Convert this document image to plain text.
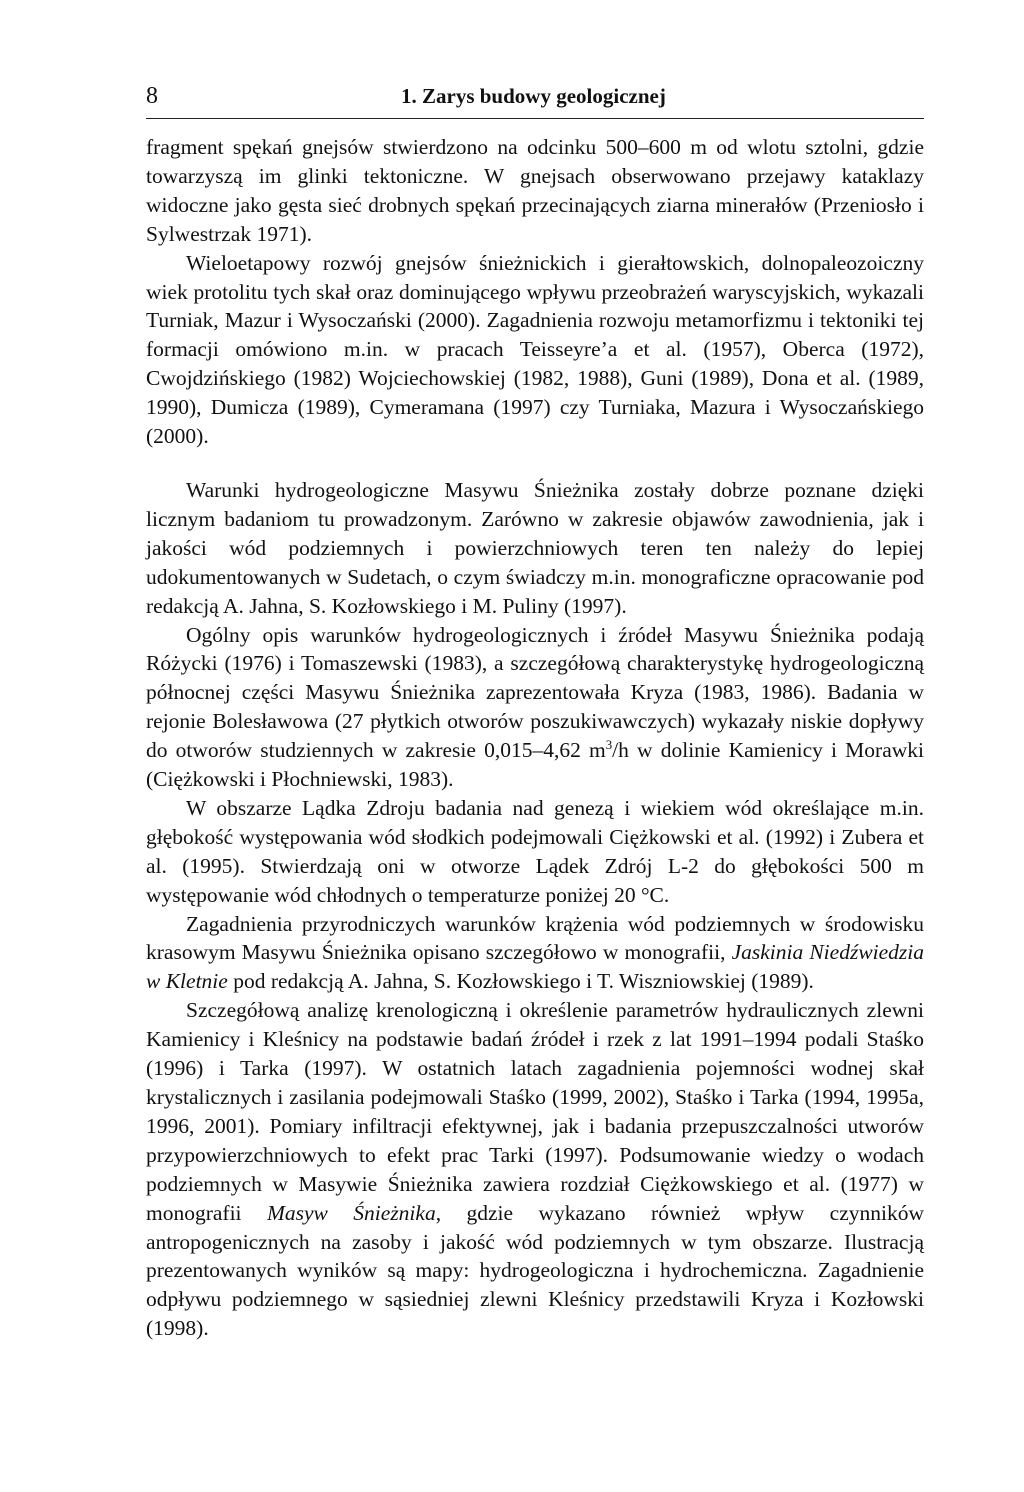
8	1. Zarys budowy geologicznej

fragment spękań gnejsów stwierdzono na odcinku 500–600 m od wlotu sztolni, gdzie towarzyszą im glinki tektoniczne. W gnejsach obserwowano przejawy kataklazy widoczne jako gęsta sieć drobnych spękań przecinających ziarna minerałów (Przeniosło i Sylwestrzak 1971).

Wieloetapowy rozwój gnejsów śnieżnickich i gierałtowskich, dolnopaleozoiczny wiek protolitu tych skał oraz dominującego wpływu przeobrażeń waryscyjskich, wykazali Turniak, Mazur i Wysoczański (2000). Zagadnienia rozwoju metamorfizmu i tektoniki tej formacji omówiono m.in. w pracach Teisseyre’a et al. (1957), Oberca (1972), Cwojdzińskiego (1982) Wojciechowskiej (1982, 1988), Guni (1989), Dona et al. (1989, 1990), Dumicza (1989), Cymeramana (1997) czy Turniaka, Mazura i Wysoczańskiego (2000).

Warunki hydrogeologiczne Masywu Śnieżnika zostały dobrze poznane dzięki licznym badaniom tu prowadzonym. Zarówno w zakresie objawów zawodnienia, jak i jakości wód podziemnych i powierzchniowych teren ten należy do lepiej udokumentowanych w Sudetach, o czym świadczy m.in. monograficzne opracowanie pod redakcją A. Jahna, S. Kozłowskiego i M. Puliny (1997).

Ogólny opis warunków hydrogeologicznych i źródeł Masywu Śnieżnika podają Różycki (1976) i Tomaszewski (1983), a szczegółową charakterystykę hydrogeologiczną północnej części Masywu Śnieżnika zaprezentowała Kryza (1983, 1986). Badania w rejonie Bolesławowa (27 płytkich otworów poszukiwawczych) wykazały niskie dopływy do otworów studziennych w zakresie 0,015–4,62 $m^3/h$ w dolinie Kamienicy i Morawki (Ciężkowski i Płochniewski, 1983).

W obszarze Lądka Zdroju badania nad genezą i wiekiem wód określające m.in. głębokość występowania wód słodkich podejmowali Ciężkowski et al. (1992) i Zubera et al. (1995). Stwierdzają oni w otworze Lądek Zdrój L-2 do głębokości 500 m występowanie wód chłodnych o temperaturze poniżej 20 °C.

Zagadnienia przyrodniczych warunków krążenia wód podziemnych w środowisku krasowym Masywu Śnieżnika opisano szczegółowo w monografii, Jaskinia Niedźwiedzia w Kletnie pod redakcją A. Jahna, S. Kozłowskiego i T. Wiszniowskiej (1989).

Szczegółową analizę krenologiczną i określenie parametrów hydraulicznych zlewni Kamienicy i Kleśnicy na podstawie badań źródeł i rzek z lat 1991–1994 podali Staśko (1996) i Tarka (1997). W ostatnich latach zagadnienia pojemności wodnej skał krystalicznych i zasilania podejmowali Staśko (1999, 2002), Staśko i Tarka (1994, 1995a, 1996, 2001). Pomiary infiltracji efektywnej, jak i badania przepuszczalności utworów przypowierzchniowych to efekt prac Tarki (1997). Podsumowanie wiedzy o wodach podziemnych w Masywie Śnieżnika zawiera rozdział Ciężkowskiego et al. (1977) w monografii Masyw Śnieżnika, gdzie wykazano również wpływ czynników antropogenicznych na zasoby i jakość wód podziemnych w tym obszarze. Ilustracją prezentowanych wyników są mapy: hydrogeologiczna i hydrochemiczna. Zagadnienie odpływu podziemnego w sąsiedniej zlewni Kleśnicy przedstawili Kryza i Kozłowski (1998).
